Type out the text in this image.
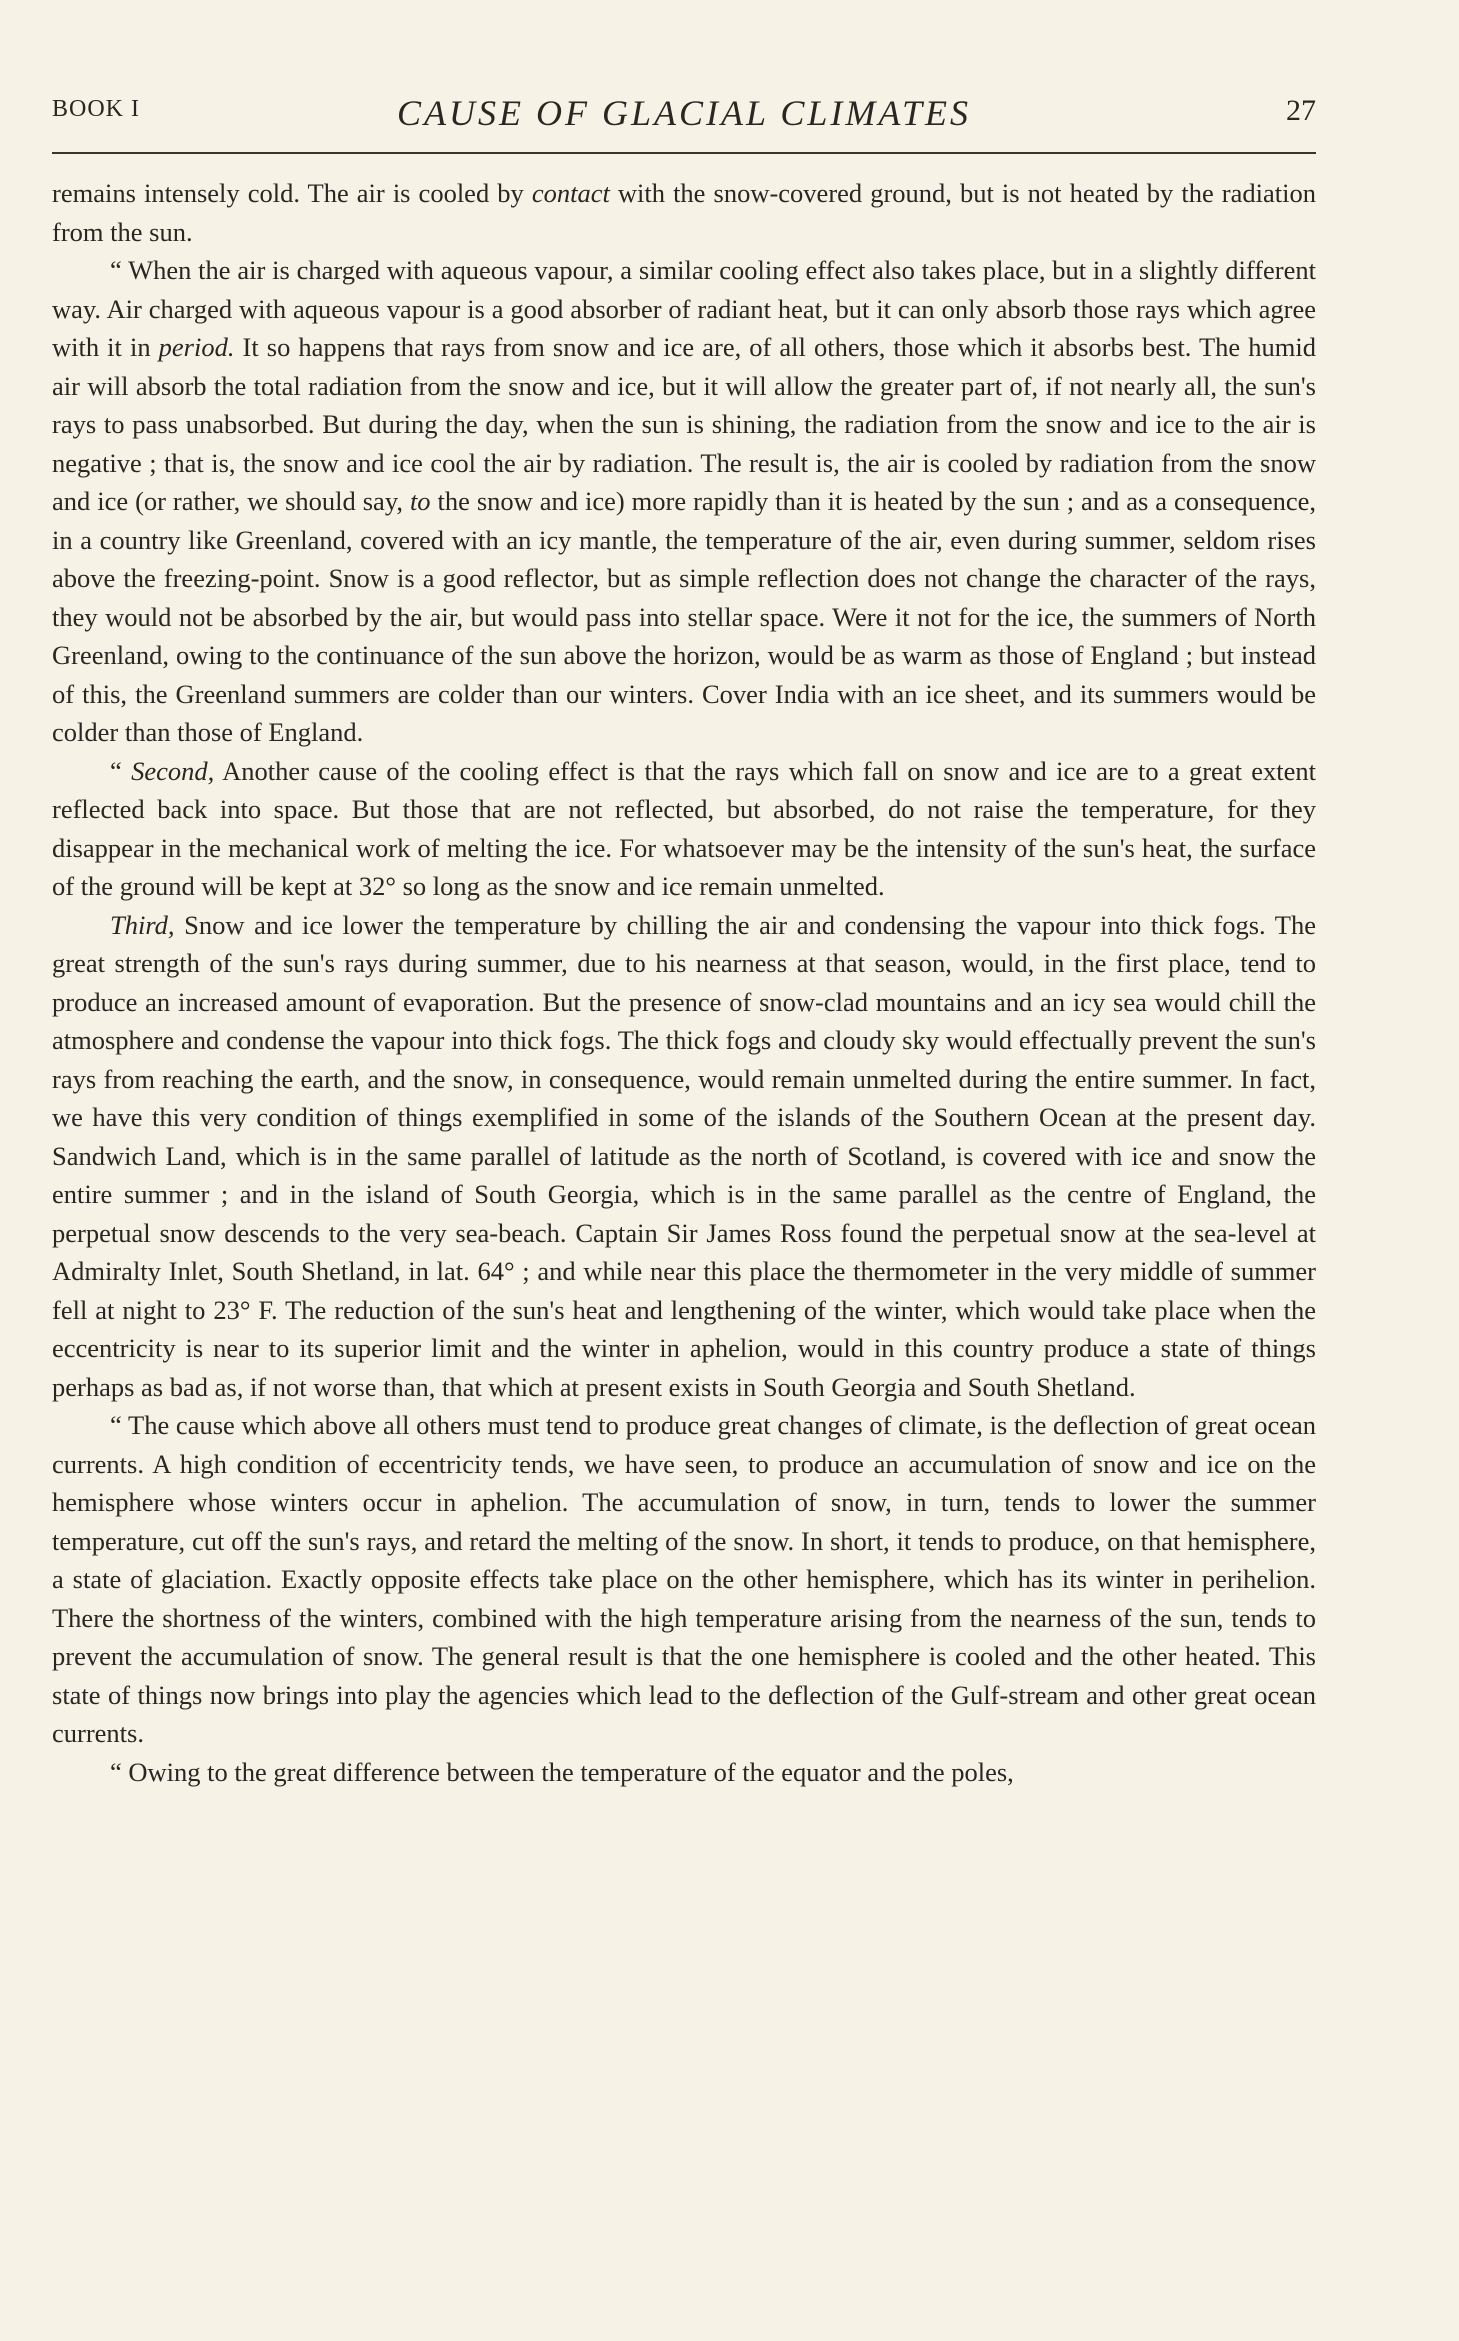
BOOK I	CAUSE OF GLACIAL CLIMATES	27

remains intensely cold. The air is cooled by contact with the snow-covered ground, but is not heated by the radiation from the sun.

“ When the air is charged with aqueous vapour, a similar cooling effect also takes place, but in a slightly different way. Air charged with aqueous vapour is a good absorber of radiant heat, but it can only absorb those rays which agree with it in period. It so happens that rays from snow and ice are, of all others, those which it absorbs best. The humid air will absorb the total radiation from the snow and ice, but it will allow the greater part of, if not nearly all, the sun's rays to pass unabsorbed. But during the day, when the sun is shining, the radiation from the snow and ice to the air is negative ; that is, the snow and ice cool the air by radiation. The result is, the air is cooled by radiation from the snow and ice (or rather, we should say, to the snow and ice) more rapidly than it is heated by the sun ; and as a consequence, in a country like Greenland, covered with an icy mantle, the temperature of the air, even during summer, seldom rises above the freezing-point. Snow is a good reflector, but as simple reflection does not change the character of the rays, they would not be absorbed by the air, but would pass into stellar space. Were it not for the ice, the summers of North Greenland, owing to the continuance of the sun above the horizon, would be as warm as those of England ; but instead of this, the Greenland summers are colder than our winters. Cover India with an ice sheet, and its summers would be colder than those of England.

“ Second, Another cause of the cooling effect is that the rays which fall on snow and ice are to a great extent reflected back into space. But those that are not reflected, but absorbed, do not raise the temperature, for they disappear in the mechanical work of melting the ice. For whatsoever may be the intensity of the sun's heat, the surface of the ground will be kept at 32° so long as the snow and ice remain unmelted.

Third, Snow and ice lower the temperature by chilling the air and condensing the vapour into thick fogs. The great strength of the sun's rays during summer, due to his nearness at that season, would, in the first place, tend to produce an increased amount of evaporation. But the presence of snow-clad mountains and an icy sea would chill the atmosphere and condense the vapour into thick fogs. The thick fogs and cloudy sky would effectually prevent the sun's rays from reaching the earth, and the snow, in consequence, would remain unmelted during the entire summer. In fact, we have this very condition of things exemplified in some of the islands of the Southern Ocean at the present day. Sandwich Land, which is in the same parallel of latitude as the north of Scotland, is covered with ice and snow the entire summer ; and in the island of South Georgia, which is in the same parallel as the centre of England, the perpetual snow descends to the very sea-beach. Captain Sir James Ross found the perpetual snow at the sea-level at Admiralty Inlet, South Shetland, in lat. 64° ; and while near this place the thermometer in the very middle of summer fell at night to 23° F. The reduction of the sun's heat and lengthening of the winter, which would take place when the eccentricity is near to its superior limit and the winter in aphelion, would in this country produce a state of things perhaps as bad as, if not worse than, that which at present exists in South Georgia and South Shetland.

“ The cause which above all others must tend to produce great changes of climate, is the deflection of great ocean currents. A high condition of eccentricity tends, we have seen, to produce an accumulation of snow and ice on the hemisphere whose winters occur in aphelion. The accumulation of snow, in turn, tends to lower the summer temperature, cut off the sun's rays, and retard the melting of the snow. In short, it tends to produce, on that hemisphere, a state of glaciation. Exactly opposite effects take place on the other hemisphere, which has its winter in perihelion. There the shortness of the winters, combined with the high temperature arising from the nearness of the sun, tends to prevent the accumulation of snow. The general result is that the one hemisphere is cooled and the other heated. This state of things now brings into play the agencies which lead to the deflection of the Gulf-stream and other great ocean currents.

“ Owing to the great difference between the temperature of the equator and the poles,
